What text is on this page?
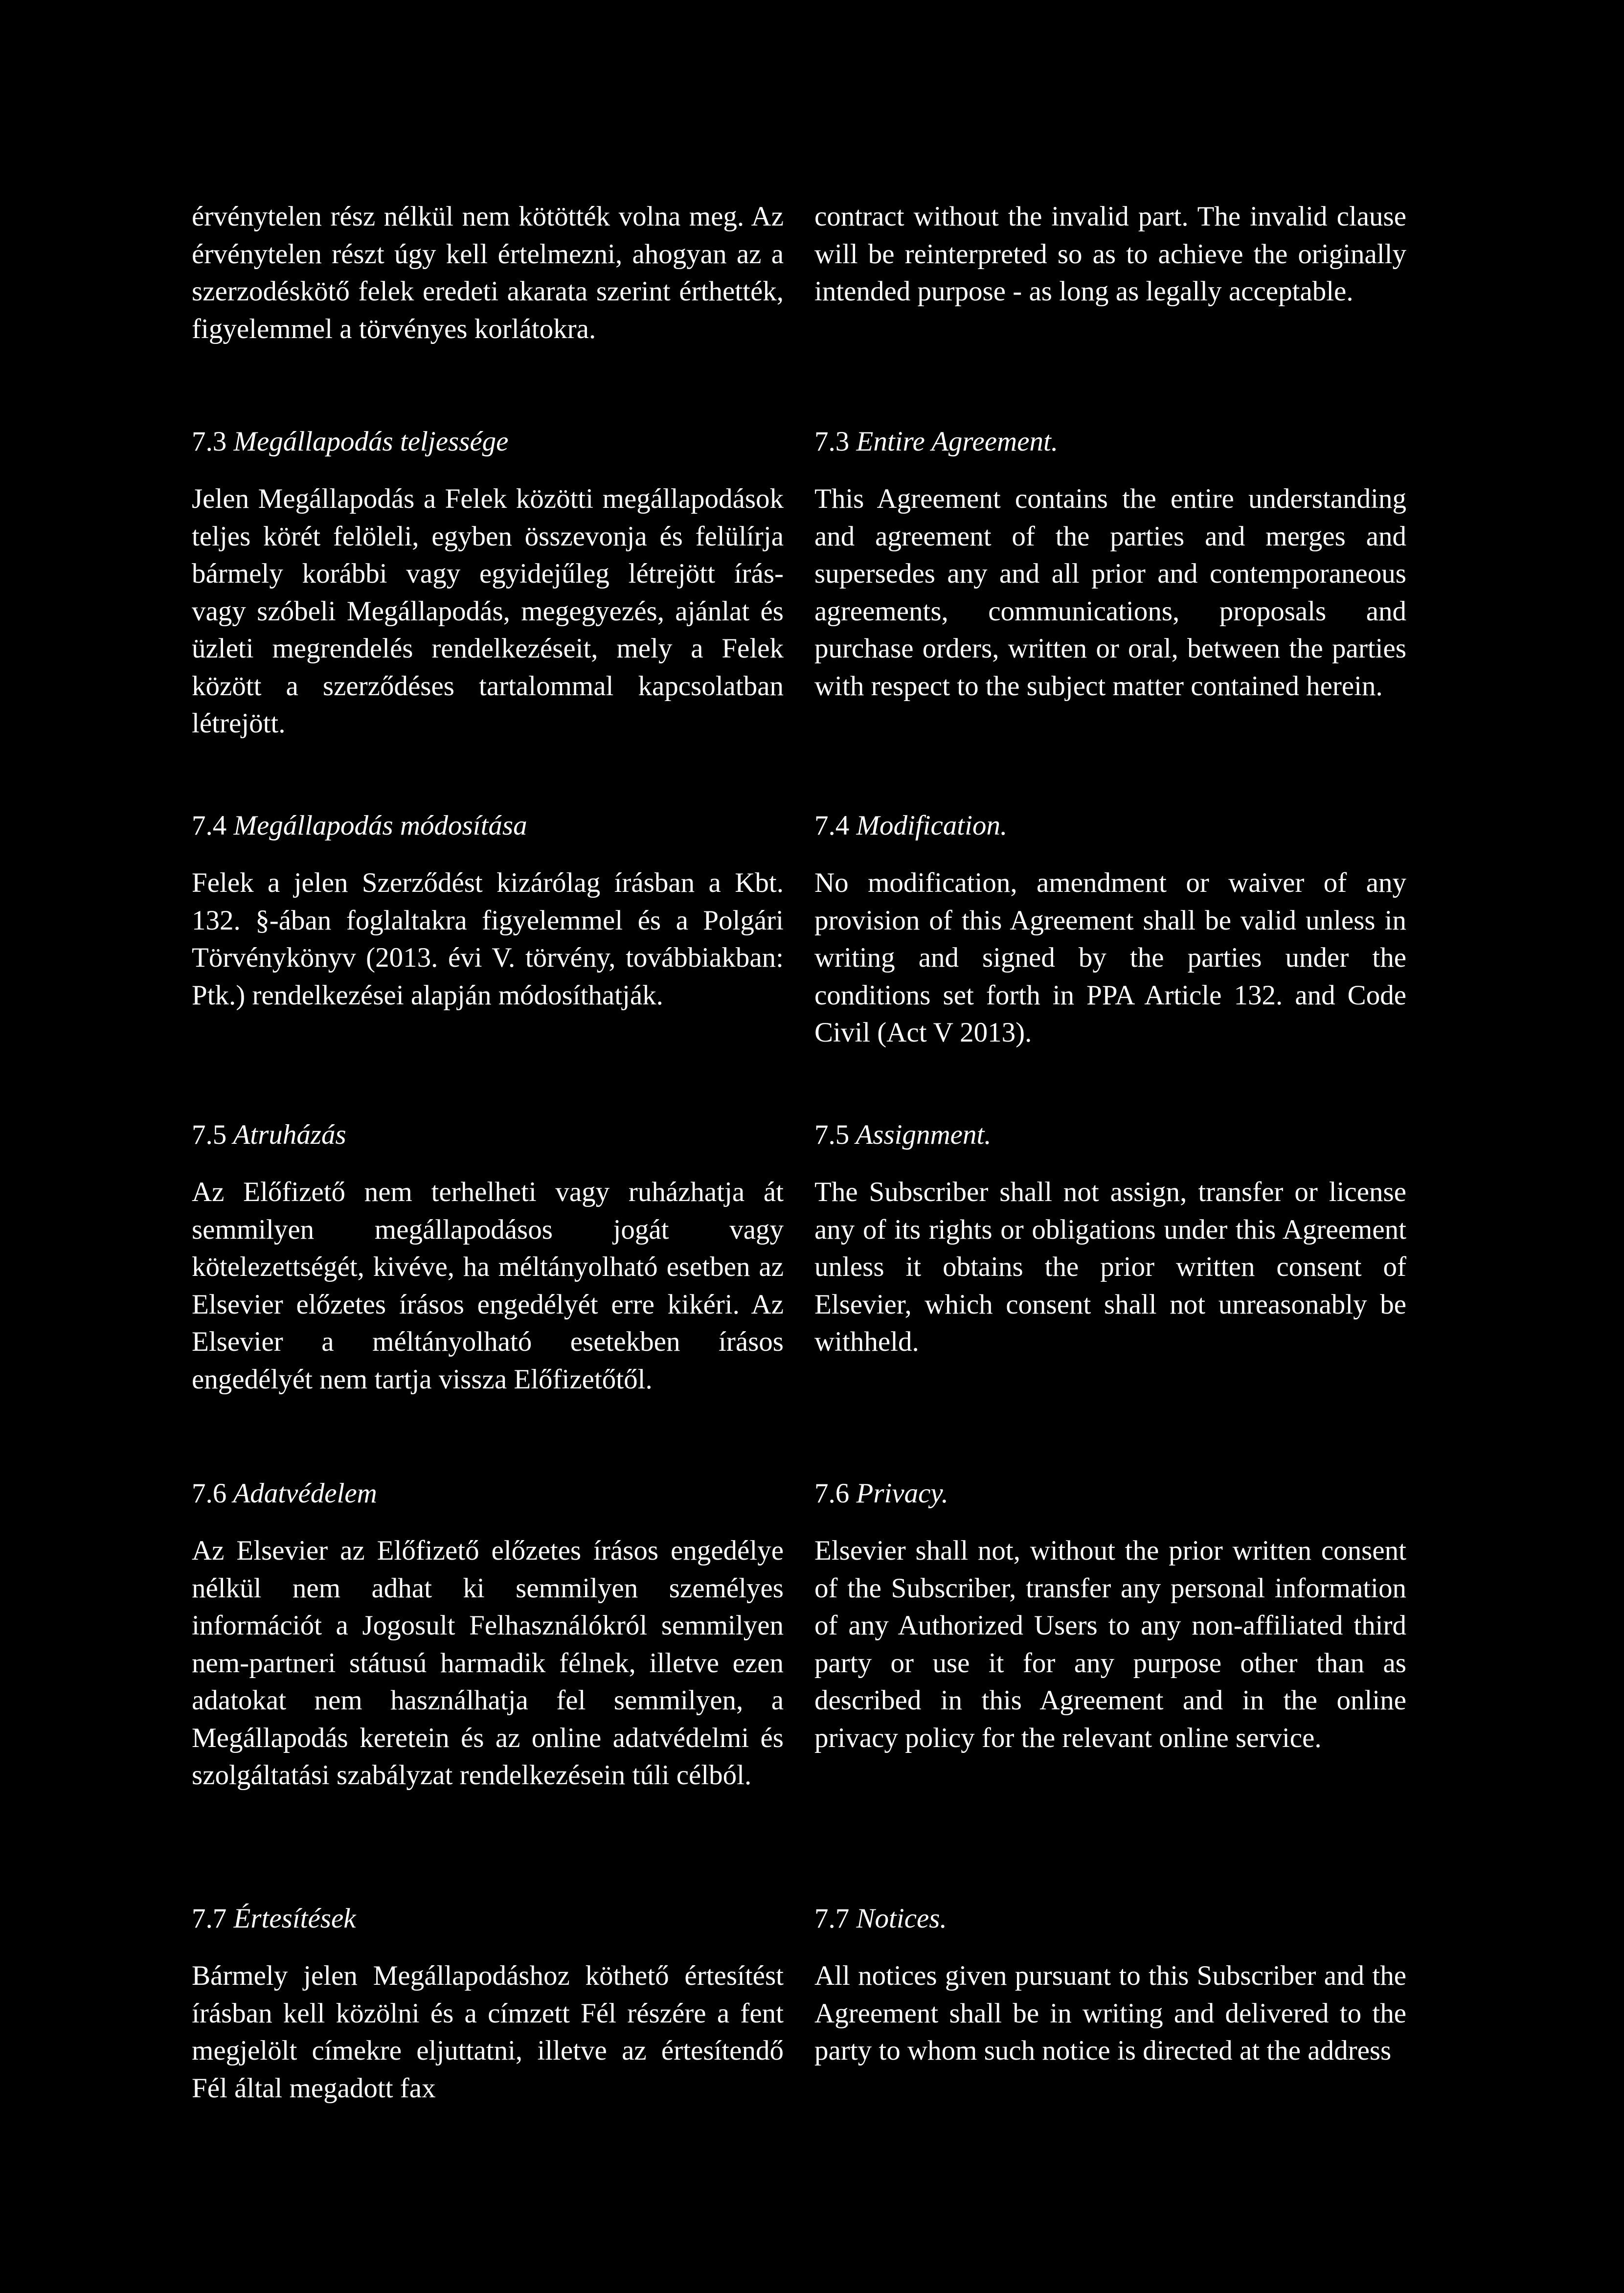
érvénytelen rész nélkül nem kötötték volna meg. Az érvénytelen részt úgy kell értelmezni, ahogyan az a szerzodéskötő felek eredeti akarata szerint érthették, figyelemmel a törvényes korlátokra.

7.3 Megállapodás teljessége

Jelen Megállapodás a Felek közötti megállapodások teljes körét felöleli, egyben összevonja és felülírja bármely korábbi vagy egyidejűleg létrejött írás- vagy szóbeli Megállapodás, megegyezés, ajánlat és üzleti megrendelés rendelkezéseit, mely a Felek között a szerződéses tartalommal kapcsolatban létrejött.

7.4 Megállapodás módosítása

Felek a jelen Szerződést kizárólag írásban a Kbt. 132. §-ában foglaltakra figyelemmel és a Polgári Törvénykönyv (2013. évi V. törvény, továbbiakban: Ptk.) rendelkezései alapján módosíthatják.

7.5 Atruházás

Az Előfizető nem terhelheti vagy ruházhatja át semmilyen megállapodásos jogát vagy kötelezettségét, kivéve, ha méltányolható esetben az Elsevier előzetes írásos engedélyét erre kikéri. Az Elsevier a méltányolható esetekben írásos engedélyét nem tartja vissza Előfizetőtől.

7.6 Adatvédelem

Az Elsevier az Előfizető előzetes írásos engedélye nélkül nem adhat ki semmilyen személyes információt a Jogosult Felhasználókról semmilyen nem-partneri státusú harmadik félnek, illetve ezen adatokat nem használhatja fel semmilyen, a Megállapodás keretein és az online adatvédelmi és szolgáltatási szabályzat rendelkezésein túli célból.

7.7 Értesítések

Bármely jelen Megállapodáshoz köthető értesítést írásban kell közölni és a címzett Fél részére a fent megjelölt címekre eljuttatni, illetve az értesítendő Fél által megadott fax

contract without the invalid part. The invalid clause will be reinterpreted so as to achieve the originally intended purpose - as long as legally acceptable.

7.3 Entire Agreement.

This Agreement contains the entire understanding and agreement of the parties and merges and supersedes any and all prior and contemporaneous agreements, communications, proposals and purchase orders, written or oral, between the parties with respect to the subject matter contained herein.

7.4 Modification.

No modification, amendment or waiver of any provision of this Agreement shall be valid unless in writing and signed by the parties under the conditions set forth in PPA Article 132. and Code Civil (Act V 2013).

7.5 Assignment.

The Subscriber shall not assign, transfer or license any of its rights or obligations under this Agreement unless it obtains the prior written consent of Elsevier, which consent shall not unreasonably be withheld.

7.6 Privacy.

Elsevier shall not, without the prior written consent of the Subscriber, transfer any personal information of any Authorized Users to any non-affiliated third party or use it for any purpose other than as described in this Agreement and in the online privacy policy for the relevant online service.

7.7 Notices.

All notices given pursuant to this Subscriber and the Agreement shall be in writing and delivered to the party to whom such notice is directed at the address
